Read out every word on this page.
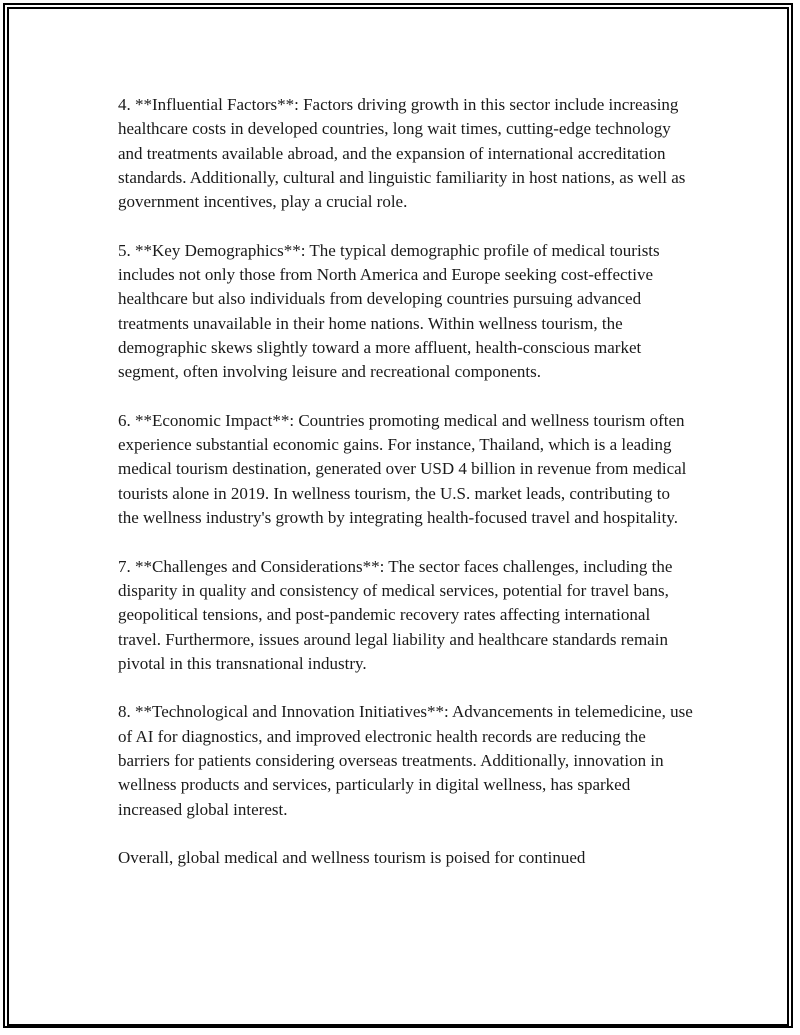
4. **Influential Factors**: Factors driving growth in this sector include increasing healthcare costs in developed countries, long wait times, cutting-edge technology and treatments available abroad, and the expansion of international accreditation standards. Additionally, cultural and linguistic familiarity in host nations, as well as government incentives, play a crucial role.

5. **Key Demographics**: The typical demographic profile of medical tourists includes not only those from North America and Europe seeking cost-effective healthcare but also individuals from developing countries pursuing advanced treatments unavailable in their home nations. Within wellness tourism, the demographic skews slightly toward a more affluent, health-conscious market segment, often involving leisure and recreational components.

6. **Economic Impact**: Countries promoting medical and wellness tourism often experience substantial economic gains. For instance, Thailand, which is a leading medical tourism destination, generated over USD 4 billion in revenue from medical tourists alone in 2019. In wellness tourism, the U.S. market leads, contributing to the wellness industry's growth by integrating health-focused travel and hospitality.

7. **Challenges and Considerations**: The sector faces challenges, including the disparity in quality and consistency of medical services, potential for travel bans, geopolitical tensions, and post-pandemic recovery rates affecting international travel. Furthermore, issues around legal liability and healthcare standards remain pivotal in this transnational industry.

8. **Technological and Innovation Initiatives**: Advancements in telemedicine, use of AI for diagnostics, and improved electronic health records are reducing the barriers for patients considering overseas treatments. Additionally, innovation in wellness products and services, particularly in digital wellness, has sparked increased global interest.

Overall, global medical and wellness tourism is poised for continued
